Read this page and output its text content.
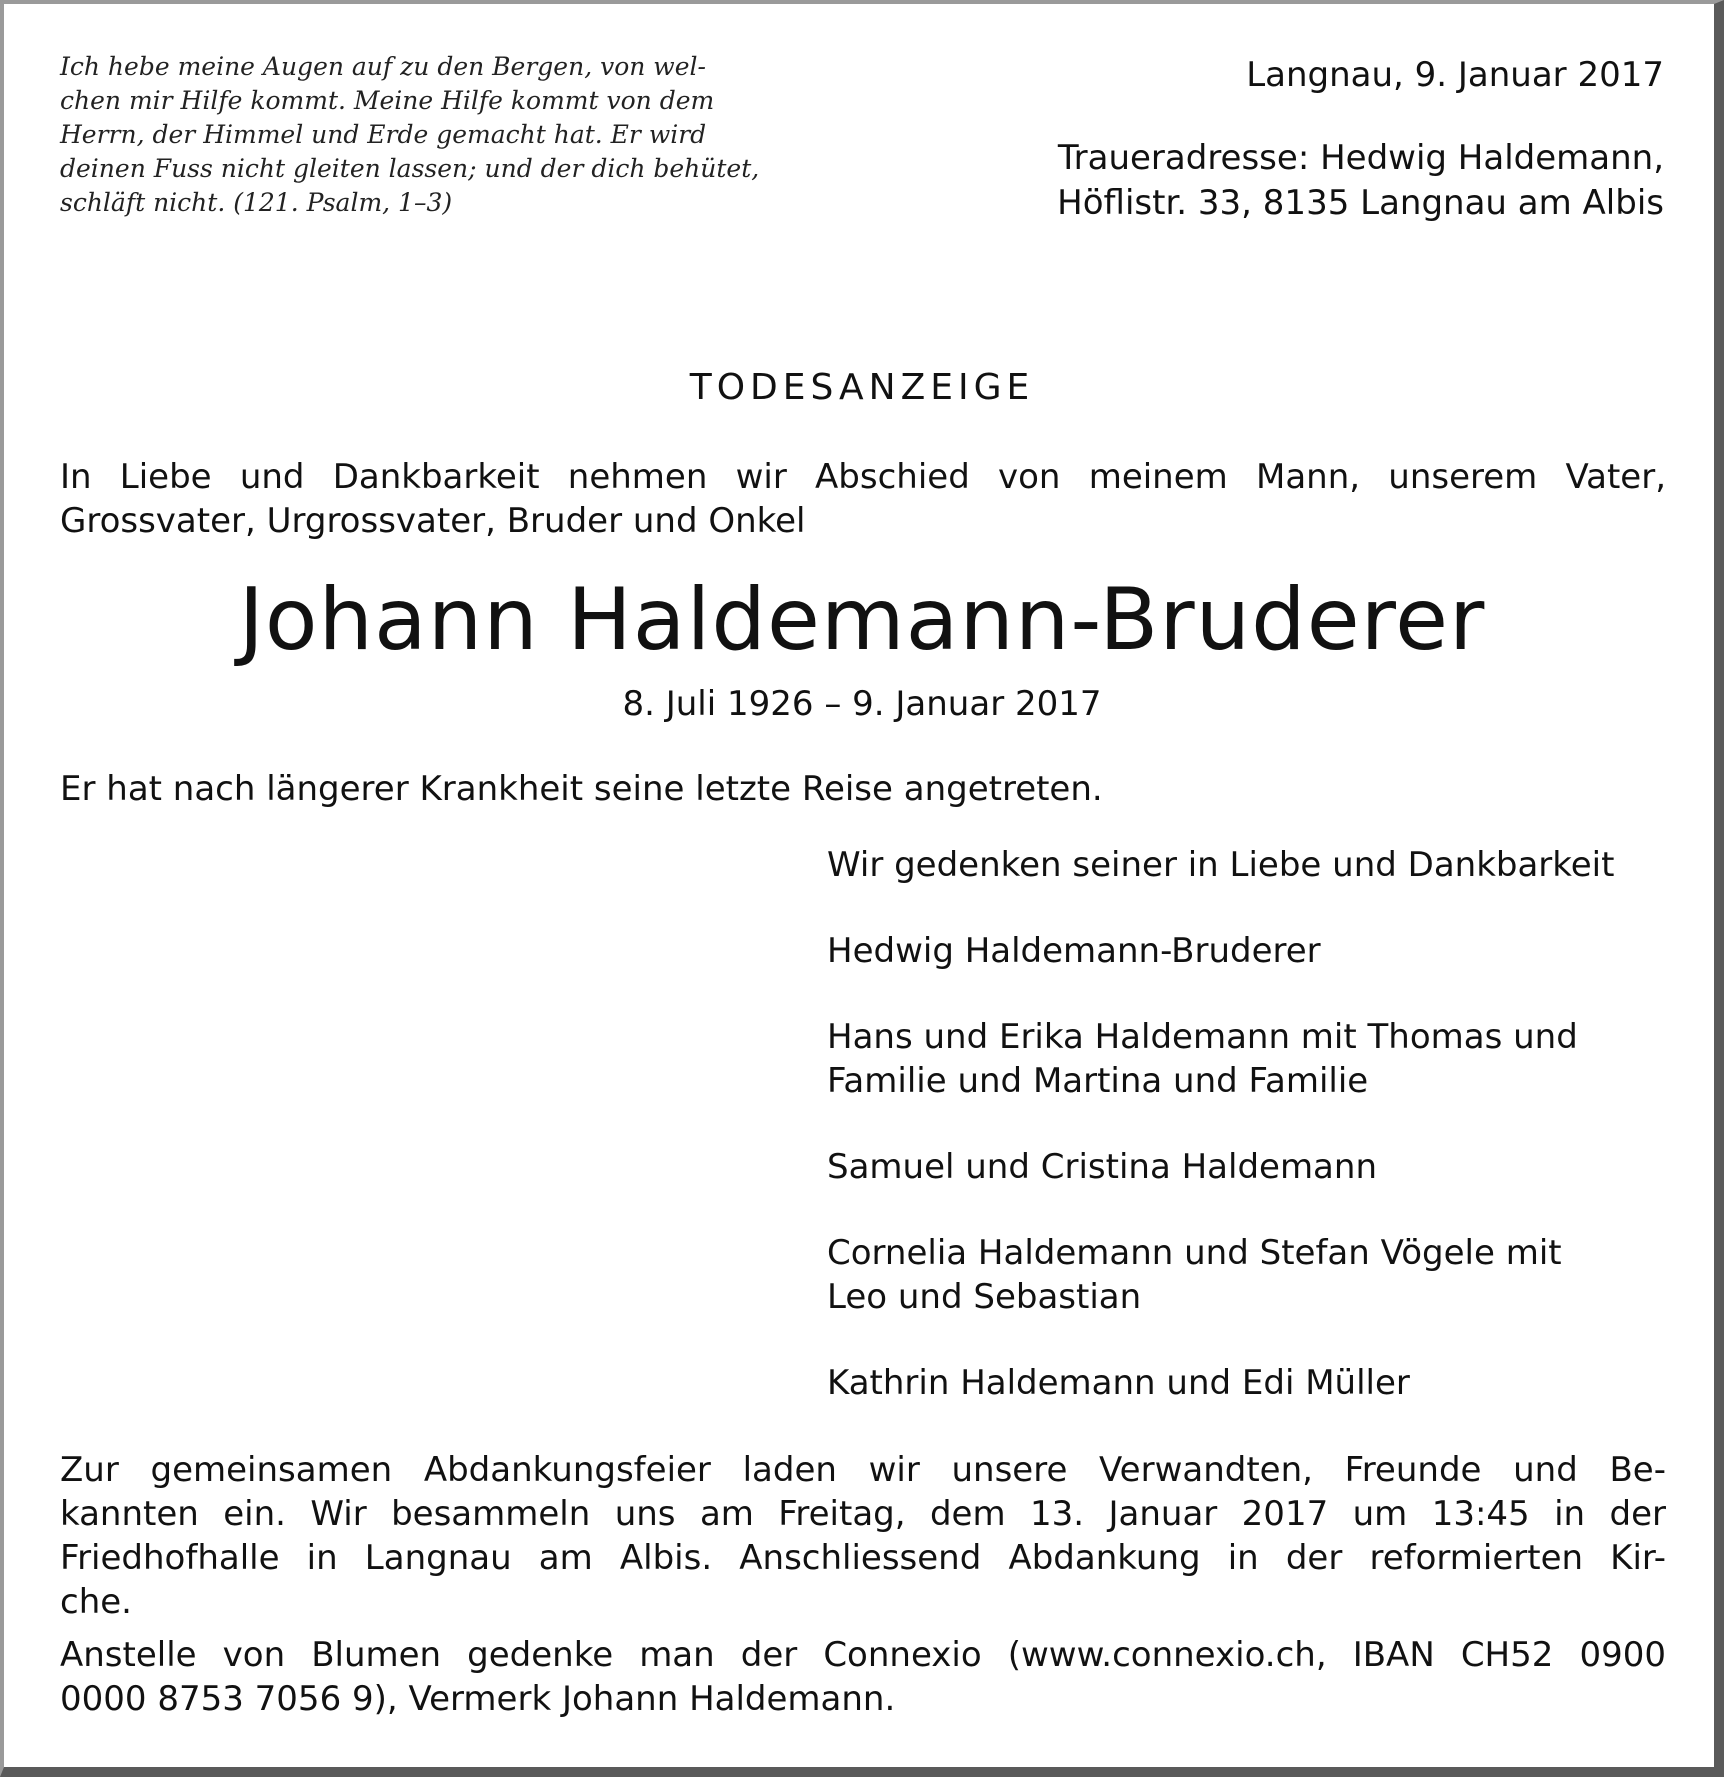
Ich hebe meine Augen auf zu den Bergen, von wel-
chen mir Hilfe kommt. Meine Hilfe kommt von dem
Herrn, der Himmel und Erde gemacht hat. Er wird
deinen Fuss nicht gleiten lassen; und der dich behütet,
schläft nicht. (121. Psalm, 1–3)
Langnau, 9. Januar 2017
Traueradresse: Hedwig Haldemann,
Höflistr. 33, 8135 Langnau am Albis
TODESANZEIGE
In Liebe und Dankbarkeit nehmen wir Abschied von meinem Mann, unserem Vater,
Grossvater, Urgrossvater, Bruder und Onkel
Johann Haldemann-Bruderer
8. Juli 1926 – 9. Januar 2017
Er hat nach längerer Krankheit seine letzte Reise angetreten.
Wir gedenken seiner in Liebe und Dankbarkeit
Hedwig Haldemann-Bruderer
Hans und Erika Haldemann mit Thomas und
Familie und Martina und Familie
Samuel und Cristina Haldemann
Cornelia Haldemann und Stefan Vögele mit
Leo und Sebastian
Kathrin Haldemann und Edi Müller
Zur gemeinsamen Abdankungsfeier laden wir unsere Verwandten, Freunde und Be-
kannten ein. Wir besammeln uns am Freitag, dem 13. Januar 2017 um 13:45 in der
Friedhofhalle in Langnau am Albis. Anschliessend Abdankung in der reformierten Kir-
che.
Anstelle von Blumen gedenke man der Connexio (www.connexio.ch, IBAN CH52 0900
0000 8753 7056 9), Vermerk Johann Haldemann.
